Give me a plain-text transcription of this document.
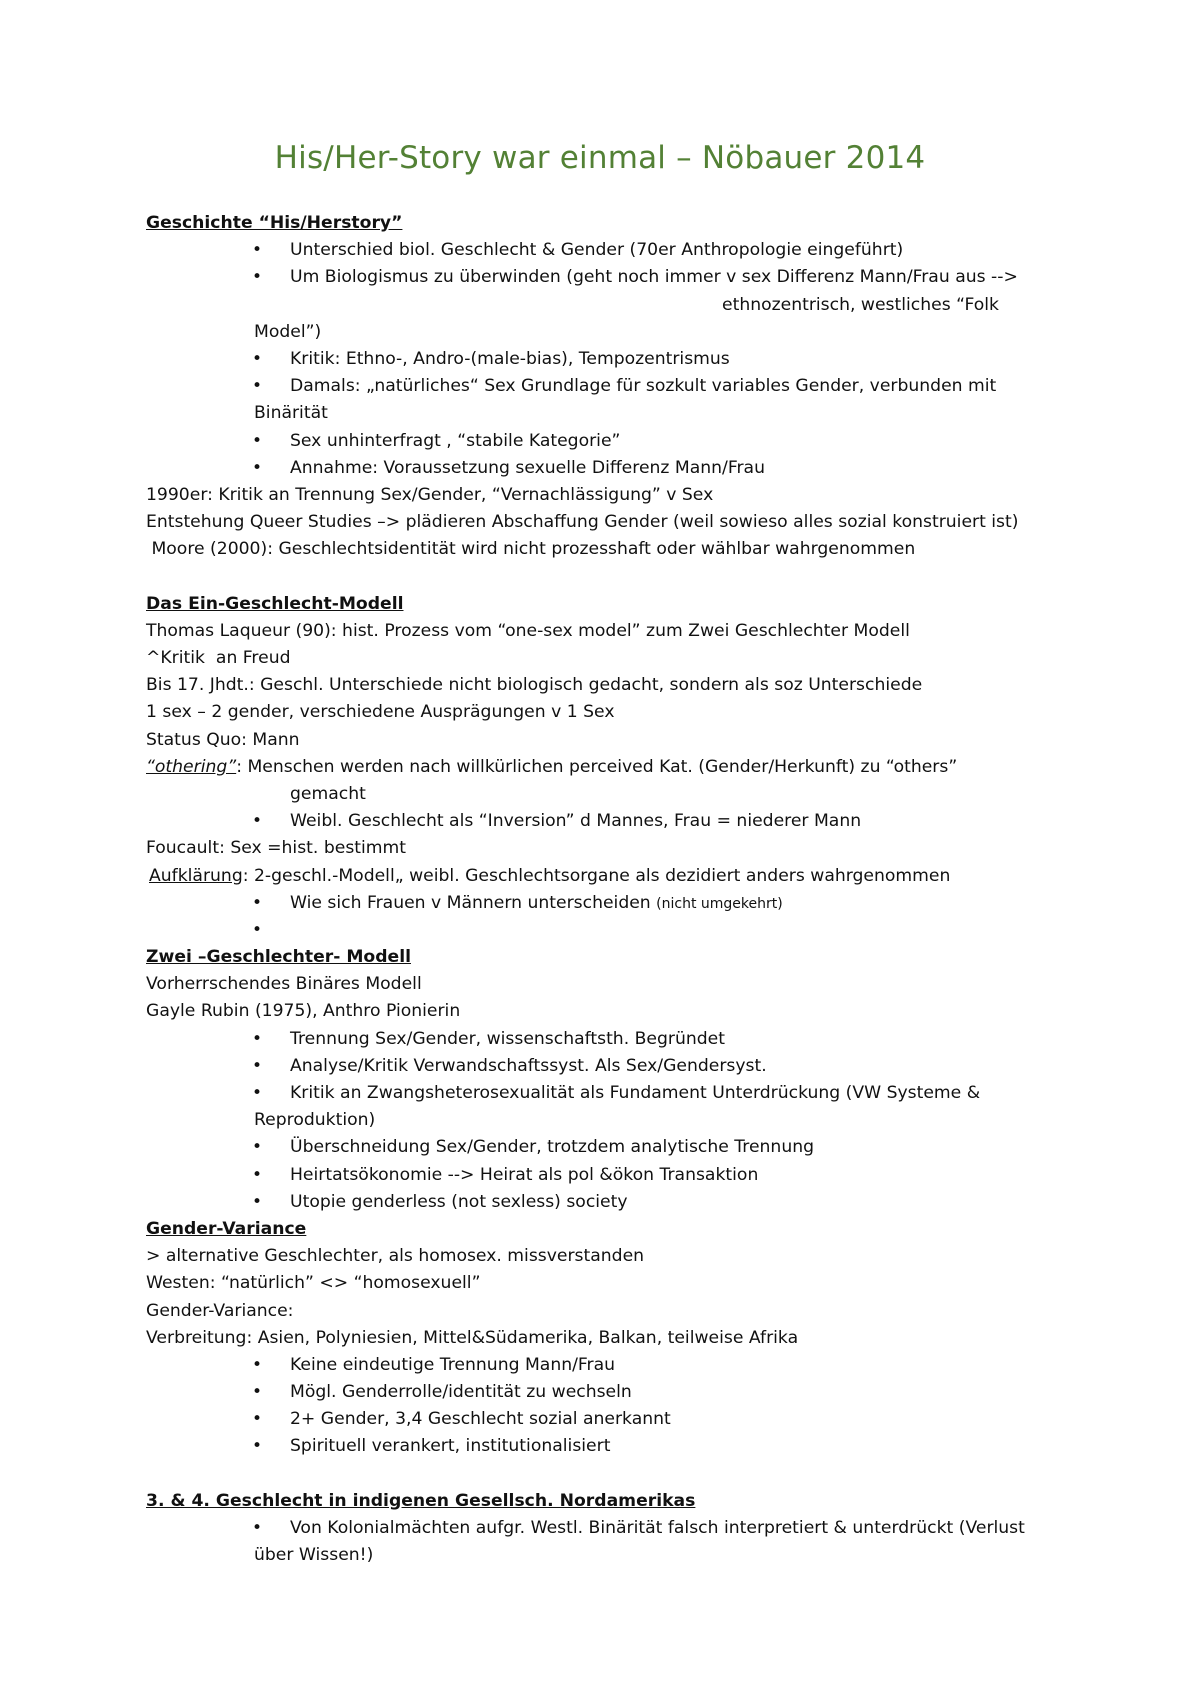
His/Her-Story war einmal – Nöbauer 2014
Geschichte “His/Herstory”
• Unterschied biol. Geschlecht & Gender (70er Anthropologie eingeführt)
• Um Biologismus zu überwinden (geht noch immer v sex Differenz Mann/Frau aus -->
ethnozentrisch, westliches “Folk
Model”)
• Kritik: Ethno-, Andro-(male-bias), Tempozentrismus
• Damals: „natürliches“ Sex Grundlage für sozkult variables Gender, verbunden mit
Binärität
• Sex unhinterfragt , “stabile Kategorie”
• Annahme: Voraussetzung sexuelle Differenz Mann/Frau
1990er: Kritik an Trennung Sex/Gender, “Vernachlässigung” v Sex
Entstehung Queer Studies –> plädieren Abschaffung Gender (weil sowieso alles sozial konstruiert ist)
Moore (2000): Geschlechtsidentität wird nicht prozesshaft oder wählbar wahrgenommen
Das Ein-Geschlecht-Modell
Thomas Laqueur (90): hist. Prozess vom “one-sex model” zum Zwei Geschlechter Modell
^Kritik  an Freud
Bis 17. Jhdt.: Geschl. Unterschiede nicht biologisch gedacht, sondern als soz Unterschiede
1 sex – 2 gender, verschiedene Ausprägungen v 1 Sex
Status Quo: Mann
“othering”: Menschen werden nach willkürlichen perceived Kat. (Gender/Herkunft) zu “others”
gemacht
• Weibl. Geschlecht als “Inversion” d Mannes, Frau = niederer Mann
Foucault: Sex =hist. bestimmt
Aufklärung: 2-geschl.-Modell„ weibl. Geschlechtsorgane als dezidiert anders wahrgenommen
• Wie sich Frauen v Männern unterscheiden (nicht umgekehrt)
•
Zwei –Geschlechter- Modell
Vorherrschendes Binäres Modell
Gayle Rubin (1975), Anthro Pionierin
• Trennung Sex/Gender, wissenschaftsth. Begründet
• Analyse/Kritik Verwandschaftssyst. Als Sex/Gendersyst.
• Kritik an Zwangsheterosexualität als Fundament Unterdrückung (VW Systeme &
Reproduktion)
• Überschneidung Sex/Gender, trotzdem analytische Trennung
• Heirtatsökonomie --> Heirat als pol &ökon Transaktion
• Utopie genderless (not sexless) society
Gender-Variance
> alternative Geschlechter, als homosex. missverstanden
Westen: “natürlich” <> “homosexuell”
Gender-Variance:
Verbreitung: Asien, Polyniesien, Mittel&Südamerika, Balkan, teilweise Afrika
• Keine eindeutige Trennung Mann/Frau
• Mögl. Genderrolle/identität zu wechseln
• 2+ Gender, 3,4 Geschlecht sozial anerkannt
• Spirituell verankert, institutionalisiert
3. & 4. Geschlecht in indigenen Gesellsch. Nordamerikas
• Von Kolonialmächten aufgr. Westl. Binärität falsch interpretiert & unterdrückt (Verlust
über Wissen!)
